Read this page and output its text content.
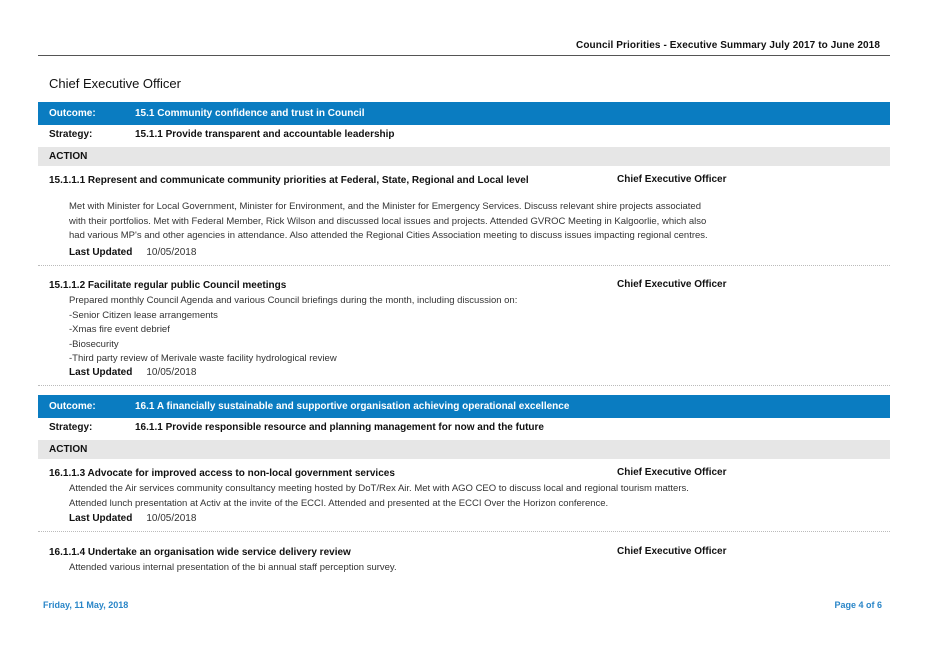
Council Priorities - Executive Summary July 2017 to June 2018
Chief Executive Officer
Outcome:	15.1 Community confidence and trust in Council
Strategy:	15.1.1 Provide transparent and accountable leadership
ACTION
15.1.1.1 Represent and communicate community priorities at Federal, State, Regional and Local level	Chief Executive Officer
Met with Minister for Local Government, Minister for Environment, and the Minister for Emergency Services. Discuss relevant shire projects associated
with their portfolios. Met with Federal Member, Rick Wilson and discussed local issues and projects. Attended GVROC Meeting in Kalgoorlie, which also
had various MP's and other agencies in attendance. Also attended the Regional Cities Association meeting to discuss issues impacting regional centres.
Last Updated 10/05/2018
15.1.1.2 Facilitate regular public Council meetings	Chief Executive Officer
Prepared monthly Council Agenda and various Council briefings during the month, including discussion on:
-Senior Citizen lease arrangements
-Xmas fire event debrief
-Biosecurity
-Third party review of Merivale waste facility hydrological review
Last Updated 10/05/2018
Outcome:	16.1 A financially sustainable and supportive organisation achieving operational excellence
Strategy:	16.1.1 Provide responsible resource and planning management for now and the future
ACTION
16.1.1.3 Advocate for improved access to non-local government services	Chief Executive Officer
Attended the Air services community consultancy meeting hosted by DoT/Rex Air. Met with AGO CEO to discuss local and regional tourism matters.
Attended lunch presentation at Activ at the invite of the ECCI. Attended and presented at the ECCI Over the Horizon conference.
Last Updated 10/05/2018
16.1.1.4 Undertake an organisation wide service delivery review	Chief Executive Officer
Attended various internal presentation of the bi annual staff perception survey.
Friday, 11 May, 2018	Page 4 of 6
